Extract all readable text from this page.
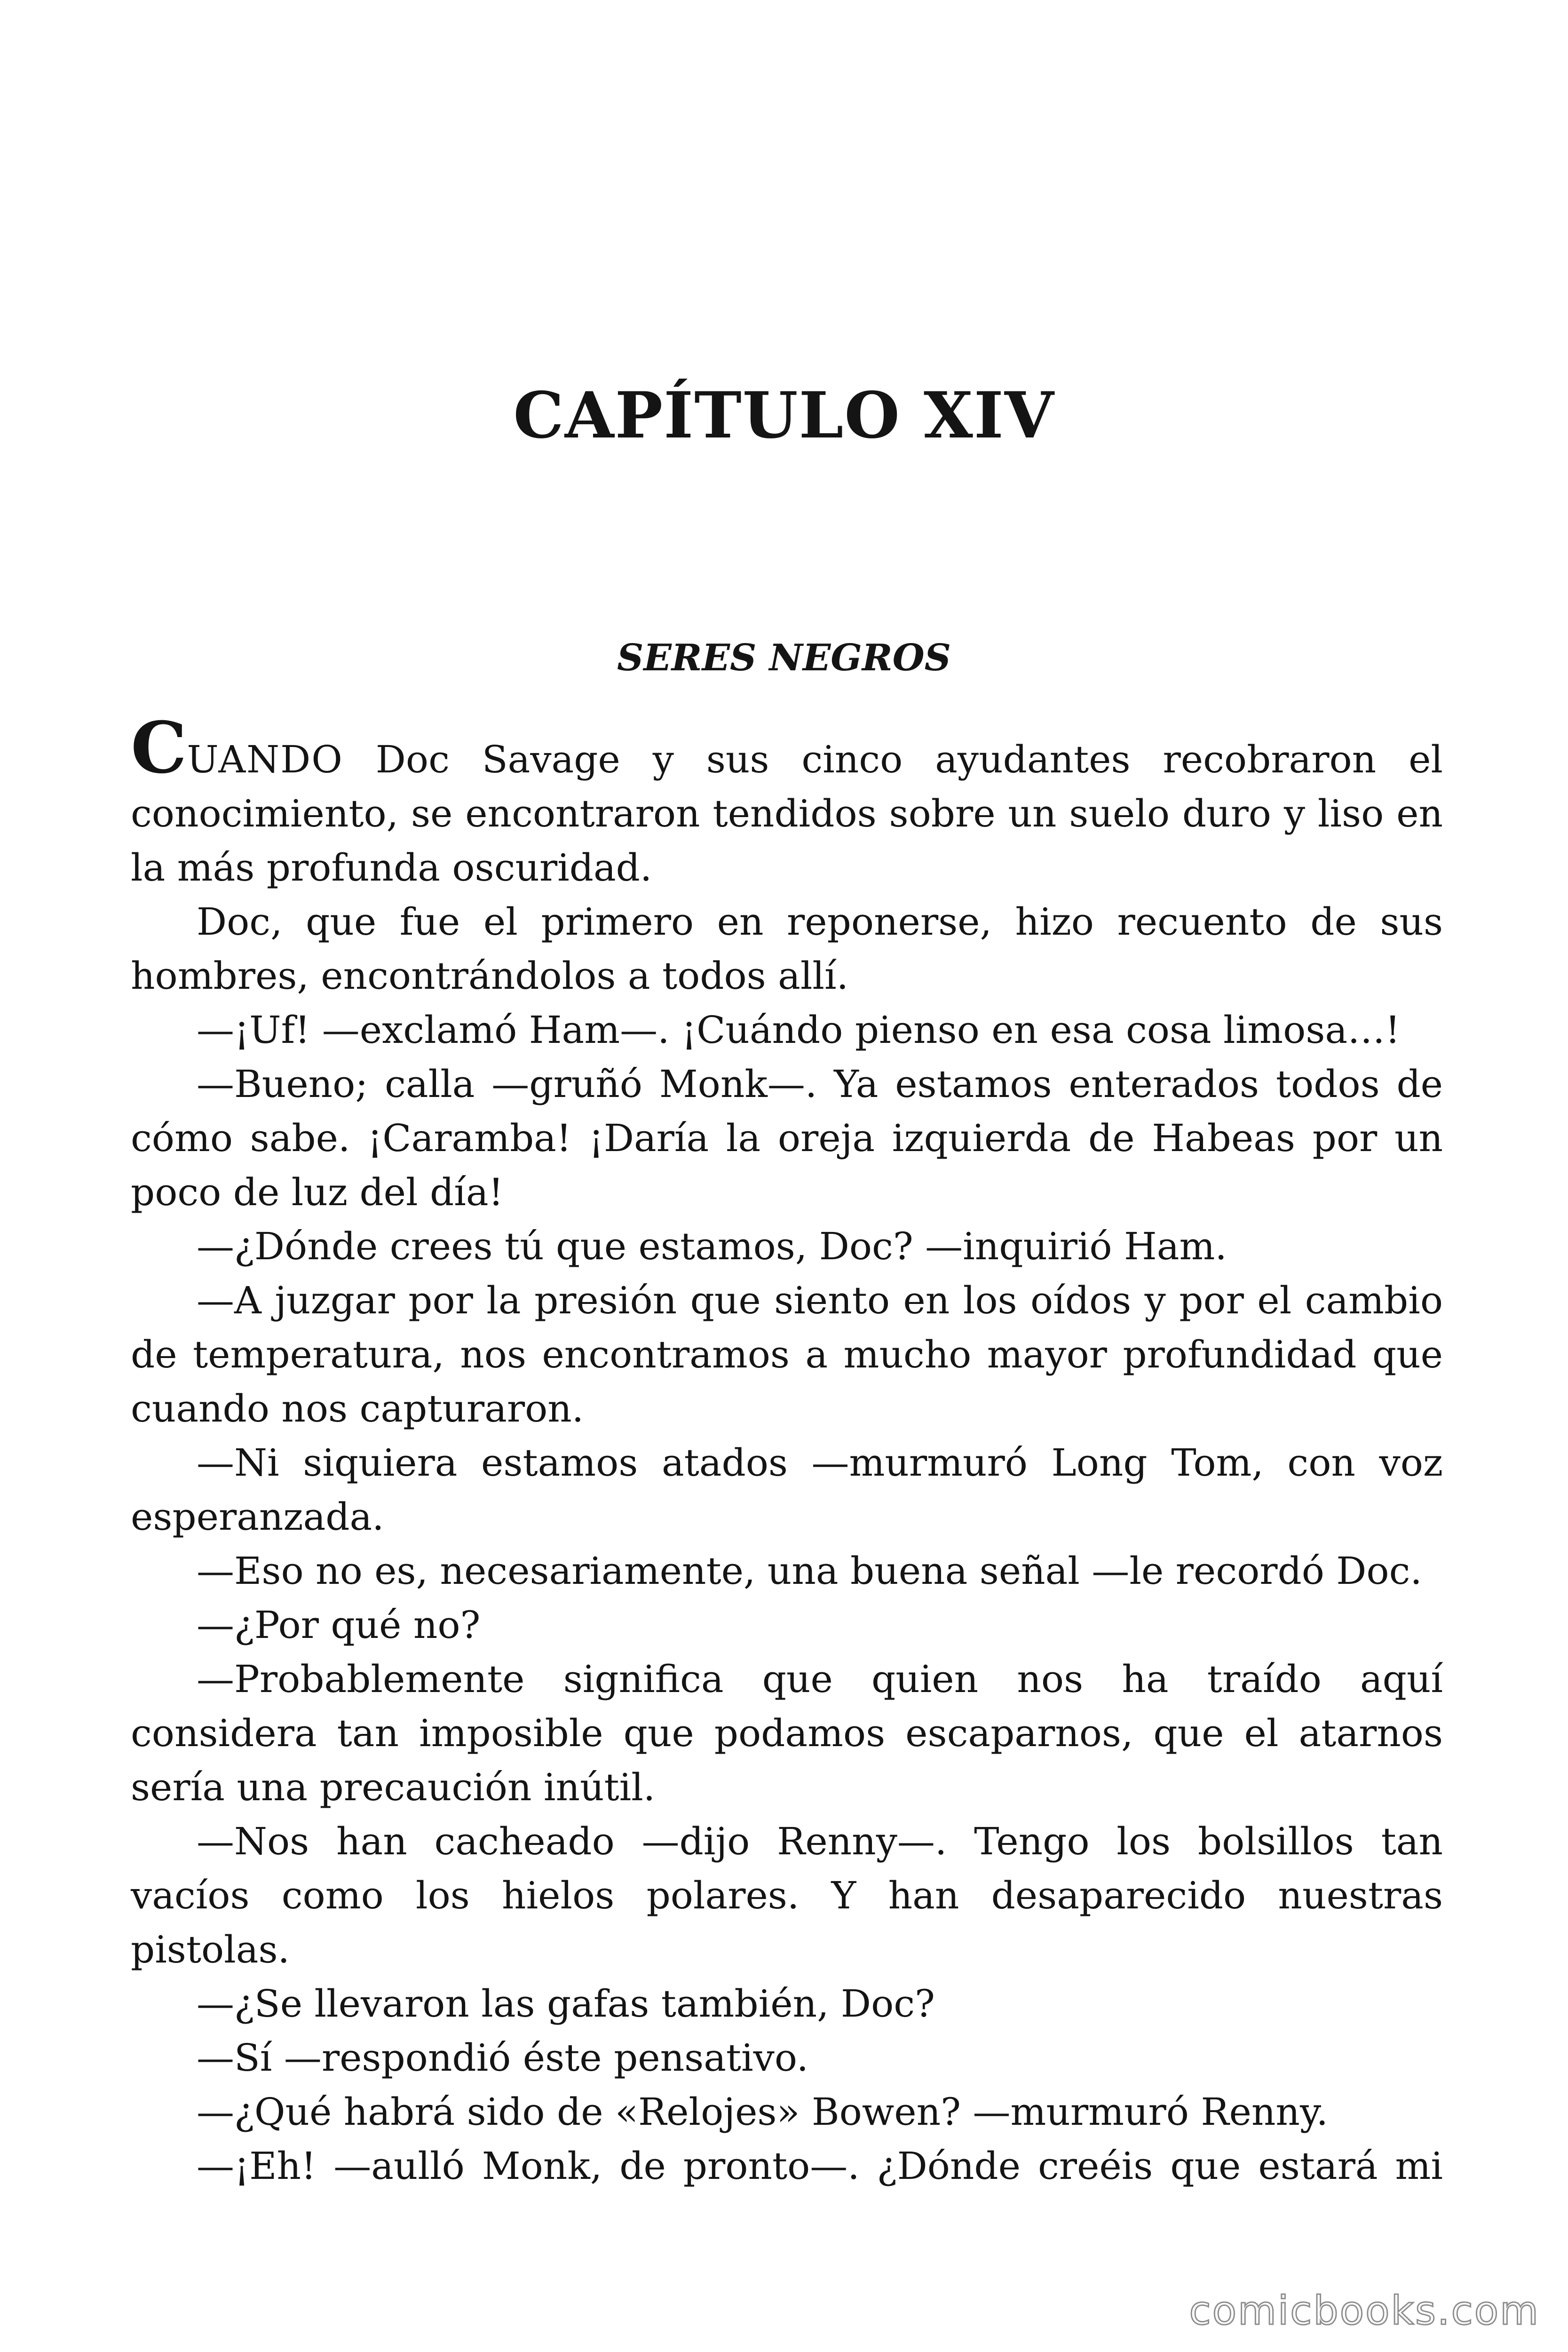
CAPÍTULO XIV
SERES NEGROS

CUANDO Doc Savage y sus cinco ayudantes recobraron el conocimiento, se encontraron tendidos sobre un suelo duro y liso en la más profunda oscuridad.

Doc, que fue el primero en reponerse, hizo recuento de sus hombres, encontrándolos a todos allí.

—¡Uf! —exclamó Ham—. ¡Cuándo pienso en esa cosa limosa…!

—Bueno; calla —gruñó Monk—. Ya estamos enterados todos de cómo sabe. ¡Caramba! ¡Daría la oreja izquierda de Habeas por un poco de luz del día!

—¿Dónde crees tú que estamos, Doc? —inquirió Ham.

—A juzgar por la presión que siento en los oídos y por el cambio de temperatura, nos encontramos a mucho mayor profundidad que cuando nos capturaron.

—Ni siquiera estamos atados —murmuró Long Tom, con voz esperanzada.

—Eso no es, necesariamente, una buena señal —le recordó Doc.

—¿Por qué no?

—Probablemente significa que quien nos ha traído aquí considera tan imposible que podamos escaparnos, que el atarnos sería una precaución inútil.

—Nos han cacheado —dijo Renny—. Tengo los bolsillos tan vacíos como los hielos polares. Y han desaparecido nuestras pistolas.

—¿Se llevaron las gafas también, Doc?

—Sí —respondió éste pensativo.

—¿Qué habrá sido de «Relojes» Bowen? —murmuró Renny.

—¡Eh! —aulló Monk, de pronto—. ¿Dónde creéis que estará mi

comicbooks.com
